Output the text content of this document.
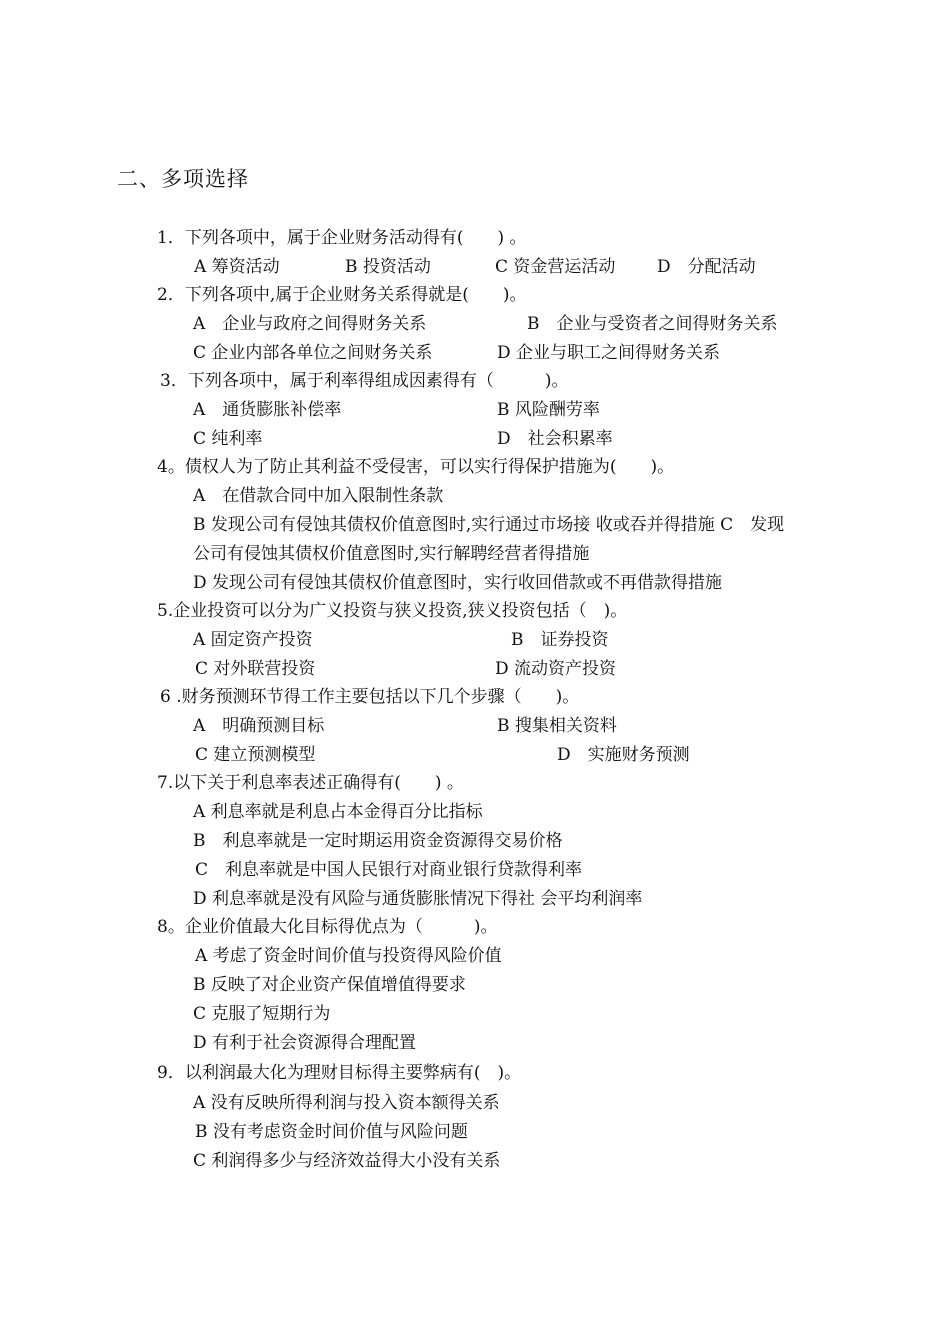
二、多项选择
1．下列各项中，属于企业财务活动得有(　　) 。
A 筹资活动	B 投资活动	C 资金营运活动 D　分配活动
2．下列各项中,属于企业财务关系得就是(　　)。
A　企业与政府之间得财务关系	B　企业与受资者之间得财务关系
C 企业内部各单位之间财务关系	D 企业与职工之间得财务关系
3．下列各项中，属于利率得组成因素得有（　　　)。
A　通货膨胀补偿率	B 风险酬劳率
C 纯利率	D　社会积累率
4。债权人为了防止其利益不受侵害，可以实行得保护措施为(　　)。
A　在借款合同中加入限制性条款
B 发现公司有侵蚀其债权价值意图时,实行通过市场接 收或吞并得措施 C　发现
公司有侵蚀其债权价值意图时,实行解聘经营者得措施
D 发现公司有侵蚀其债权价值意图时，实行收回借款或不再借款得措施
5.企业投资可以分为广义投资与狭义投资,狭义投资包括（　)。
A 固定资产投资	B　证券投资
C 对外联营投资	D 流动资产投资
6 .财务预测环节得工作主要包括以下几个步骤（　　)。
A　明确预测目标	B 搜集相关资料
C 建立预测模型	D　实施财务预测
7.以下关于利息率表述正确得有(　　) 。
A 利息率就是利息占本金得百分比指标
B　利息率就是一定时期运用资金资源得交易价格
C　利息率就是中国人民银行对商业银行贷款得利率
D 利息率就是没有风险与通货膨胀情况下得社 会平均利润率
8。企业价值最大化目标得优点为（　　　)。
A 考虑了资金时间价值与投资得风险价值
B 反映了对企业资产保值增值得要求
C 克服了短期行为
D 有利于社会资源得合理配置
9．以利润最大化为理财目标得主要弊病有(　)。
A 没有反映所得利润与投入资本额得关系
B 没有考虑资金时间价值与风险问题
C 利润得多少与经济效益得大小没有关系
